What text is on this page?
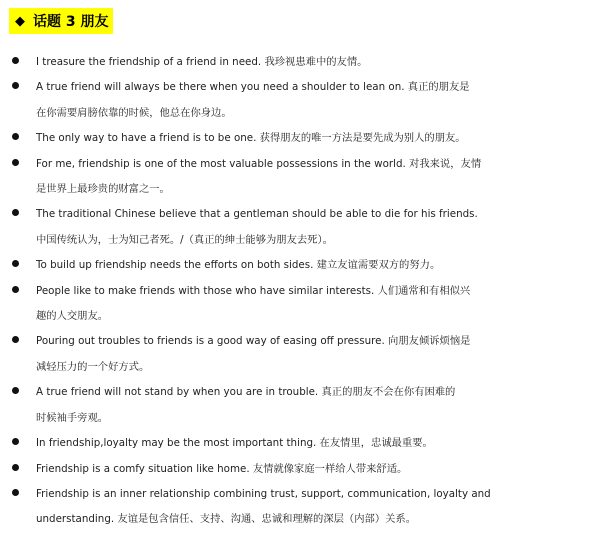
◆ 话题 3 朋友
I treasure the friendship of a friend in need. 我珍视患难中的友情。
A true friend will always be there when you need a shoulder to lean on. 真正的朋友是
在你需要肩膀依靠的时候，他总在你身边。
The only way to have a friend is to be one. 获得朋友的唯一方法是要先成为别人的朋友。
For me, friendship is one of the most valuable possessions in the world. 对我来说，友情
是世界上最珍贵的财富之一。
The traditional Chinese believe that a gentleman should be able to die for his friends.
中国传统认为，士为知己者死。/（真正的绅士能够为朋友去死）。
To build up friendship needs the efforts on both sides. 建立友谊需要双方的努力。
People like to make friends with those who have similar interests. 人们通常和有相似兴
趣的人交朋友。
Pouring out troubles to friends is a good way of easing off pressure. 向朋友倾诉烦恼是
减轻压力的一个好方式。
A true friend will not stand by when you are in trouble. 真正的朋友不会在你有困难的
时候袖手旁观。
In friendship,loyalty may be the most important thing. 在友情里，忠诚最重要。
Friendship is a comfy situation like home. 友情就像家庭一样给人带来舒适。
Friendship is an inner relationship combining trust, support, communication, loyalty and
understanding. 友谊是包含信任、支持、沟通、忠诚和理解的深层（内部）关系。
